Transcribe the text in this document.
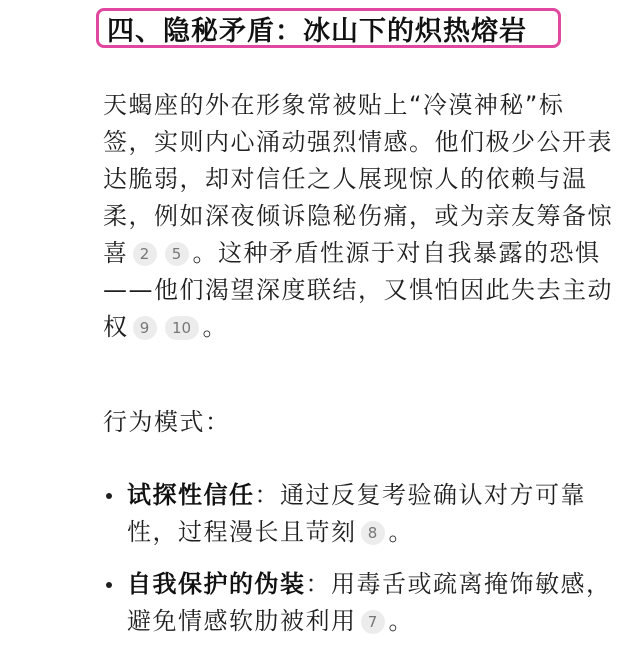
四、隐秘矛盾：冰山下的炽热熔岩
天蝎座的外在形象常被贴上“冷漠神秘”标签，实则内心涌动强烈情感。他们极少公开表达脆弱，却对信任之人展现惊人的依赖与温柔，例如深夜倾诉隐秘伤痛，或为亲友筹备惊喜 2 5 。这种矛盾性源于对自我暴露的恐惧——他们渴望深度联结，又惧怕因此失去主动权 9 10 。
行为模式：
试探性信任：通过反复考验确认对方可靠性，过程漫长且苛刻 8 。
自我保护的伪装：用毒舌或疏离掩饰敏感，避免情感软肋被利用 7 。
